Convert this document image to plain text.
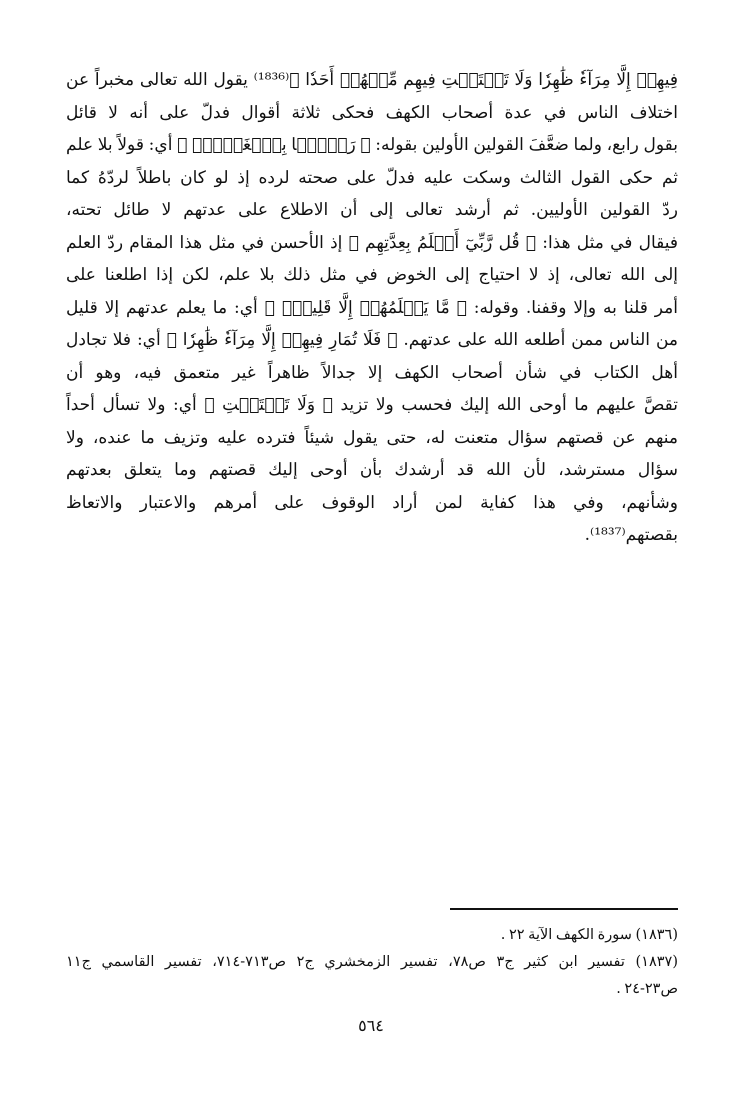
فِيهِمۡ إِلَّا مِرَآءٗ ظَٰهِرٗا وَلَا تَسۡتَفۡتِ فِيهِم مِّنۡهُمۡ أَحَدٗا ﴾⁽¹⁸³⁶⁾ يقول الله تعالى مخبراً عن
اختلاف الناس في عدة أصحاب الكهف فحكى ثلاثة أقوال فدلّ على أنه لا قائل
بقول رابع، ولما ضعَّفَ القولين الأولين بقوله: ﴿ رَجۡمَۢا بِٱلۡغَيۡبِۖ ﴾ أي: قولاً بلا علم
ثم حكى القول الثالث وسكت عليه فدلّ على صحته لرده إذ لو كان باطلاً لردّهُ كما
ردّ القولين الأوليين. ثم أرشد تعالى إلى أن الاطلاع على عدتهم لا طائل تحته،
فيقال في مثل هذا: ﴿ قُل رَّبِّيٓ أَعۡلَمُ بِعِدَّتِهِم ﴾ إذ الأحسن في مثل هذا المقام ردّ العلم
إلى الله تعالى، إذ لا احتياج إلى الخوض في مثل ذلك بلا علم، لكن إذا اطلعنا على
أمر قلنا به وإلا وقفنا. وقوله: ﴿ مَّا يَعۡلَمُهُمۡ إِلَّا قَلِيلٞۗ ﴾ أي: ما يعلم عدتهم إلا قليل
من الناس ممن أطلعه الله على عدتهم. ﴿ فَلَا تُمَارِ فِيهِمۡ إِلَّا مِرَآءٗ ظَٰهِرٗا ﴾ أي: فلا تجادل
أهل الكتاب في شأن أصحاب الكهف إلا جدالاً ظاهراً غير متعمق فيه، وهو أن
تقصَّ عليهم ما أوحى الله إليك فحسب ولا تزيد ﴿ وَلَا تَسۡتَفۡتِ ﴾ أي: ولا تسأل أحداً
منهم عن قصتهم سؤال متعنت له، حتى يقول شيئاً فترده عليه وتزيف ما عنده، ولا
سؤال مسترشد، لأن الله قد أرشدك بأن أوحى إليك قصتهم وما يتعلق بعدتهم
وشأنهم، وفي هذا كفاية لمن أراد الوقوف على أمرهم والاعتبار والاتعاظ
بقصتهم⁽¹⁸³⁷⁾.
(١٨٣٦) سورة الكهف الآية ٢٢ .
(١٨٣٧) تفسير ابن كثير ج٣ ص٧٨، تفسير الزمخشري ج٢ ص٧١٣-٧١٤، تفسير القاسمي ج١١
ص٢٣-٢٤ .
٥٦٤
